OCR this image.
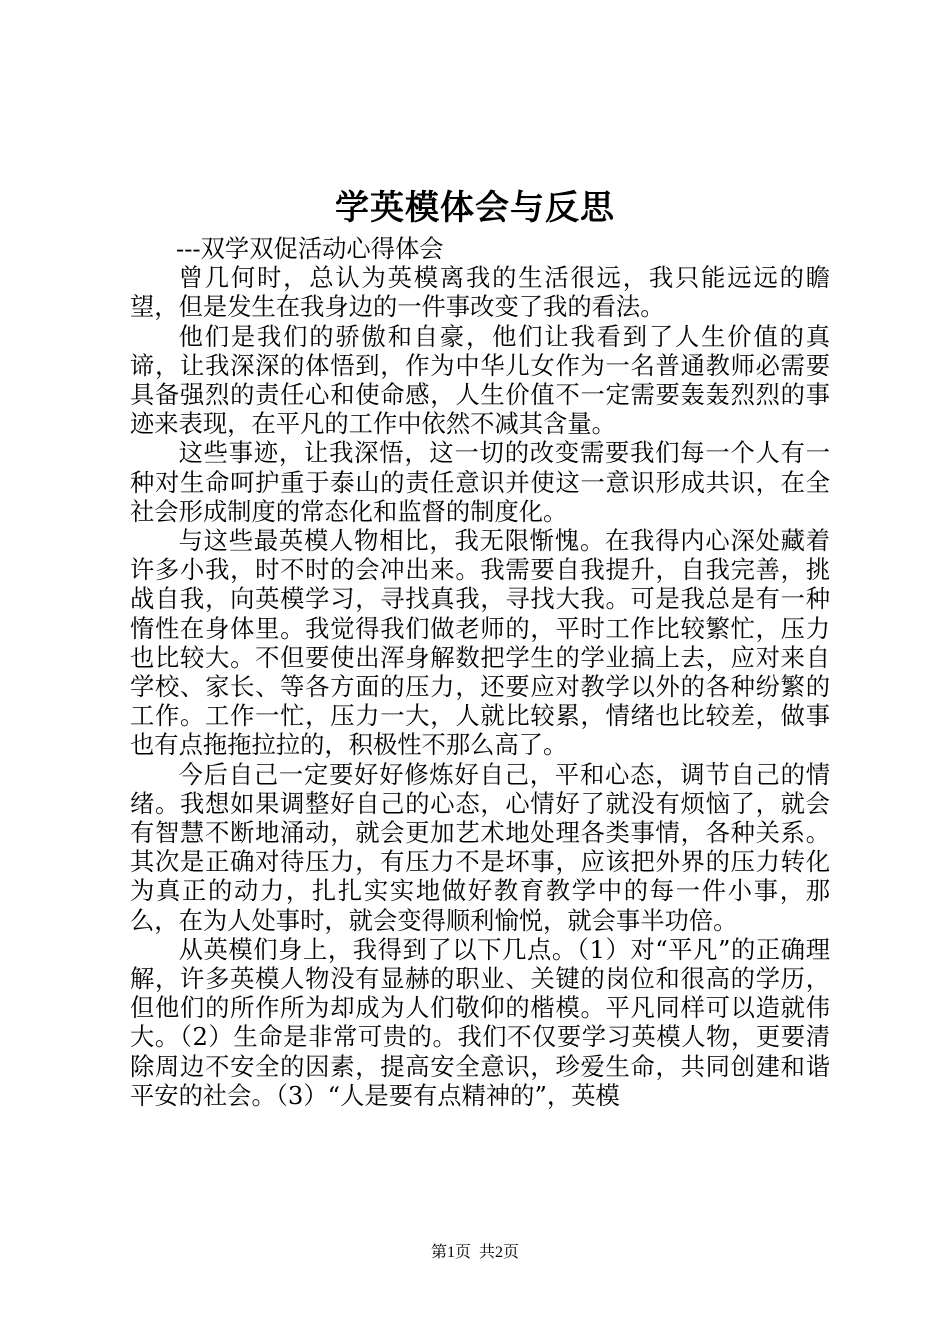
学英模体会与反思

---双学双促活动心得体会

曾几何时，总认为英模离我的生活很远，我只能远远的瞻望，但是发生在我身边的一件事改变了我的看法。

他们是我们的骄傲和自豪，他们让我看到了人生价值的真谛，让我深深的体悟到，作为中华儿女作为一名普通教师必需要具备强烈的责任心和使命感，人生价值不一定需要轰轰烈烈的事迹来表现，在平凡的工作中依然不减其含量。

这些事迹，让我深悟，这一切的改变需要我们每一个人有一种对生命呵护重于泰山的责任意识并使这一意识形成共识，在全社会形成制度的常态化和监督的制度化。

与这些最英模人物相比，我无限惭愧。在我得内心深处藏着许多小我，时不时的会冲出来。我需要自我提升，自我完善，挑战自我，向英模学习，寻找真我，寻找大我。可是我总是有一种惰性在身体里。我觉得我们做老师的，平时工作比较繁忙，压力也比较大。不但要使出浑身解数把学生的学业搞上去，应对来自学校、家长、等各方面的压力，还要应对教学以外的各种纷繁的工作。工作一忙，压力一大，人就比较累，情绪也比较差，做事也有点拖拖拉拉的，积极性不那么高了。

今后自己一定要好好修炼好自己，平和心态，调节自己的情绪。我想如果调整好自己的心态，心情好了就没有烦恼了，就会有智慧不断地涌动，就会更加艺术地处理各类事情，各种关系。其次是正确对待压力，有压力不是坏事，应该把外界的压力转化为真正的动力，扎扎实实地做好教育教学中的每一件小事，那么，在为人处事时，就会变得顺利愉悦，就会事半功倍。

从英模们身上，我得到了以下几点。（1）对“平凡”的正确理解，许多英模人物没有显赫的职业、关键的岗位和很高的学历，但他们的所作所为却成为人们敬仰的楷模。平凡同样可以造就伟大。（2）生命是非常可贵的。我们不仅要学习英模人物，更要清除周边不安全的因素，提高安全意识，珍爱生命，共同创建和谐平安的社会。（3）“人是要有点精神的”，英模

第1页 共2页
